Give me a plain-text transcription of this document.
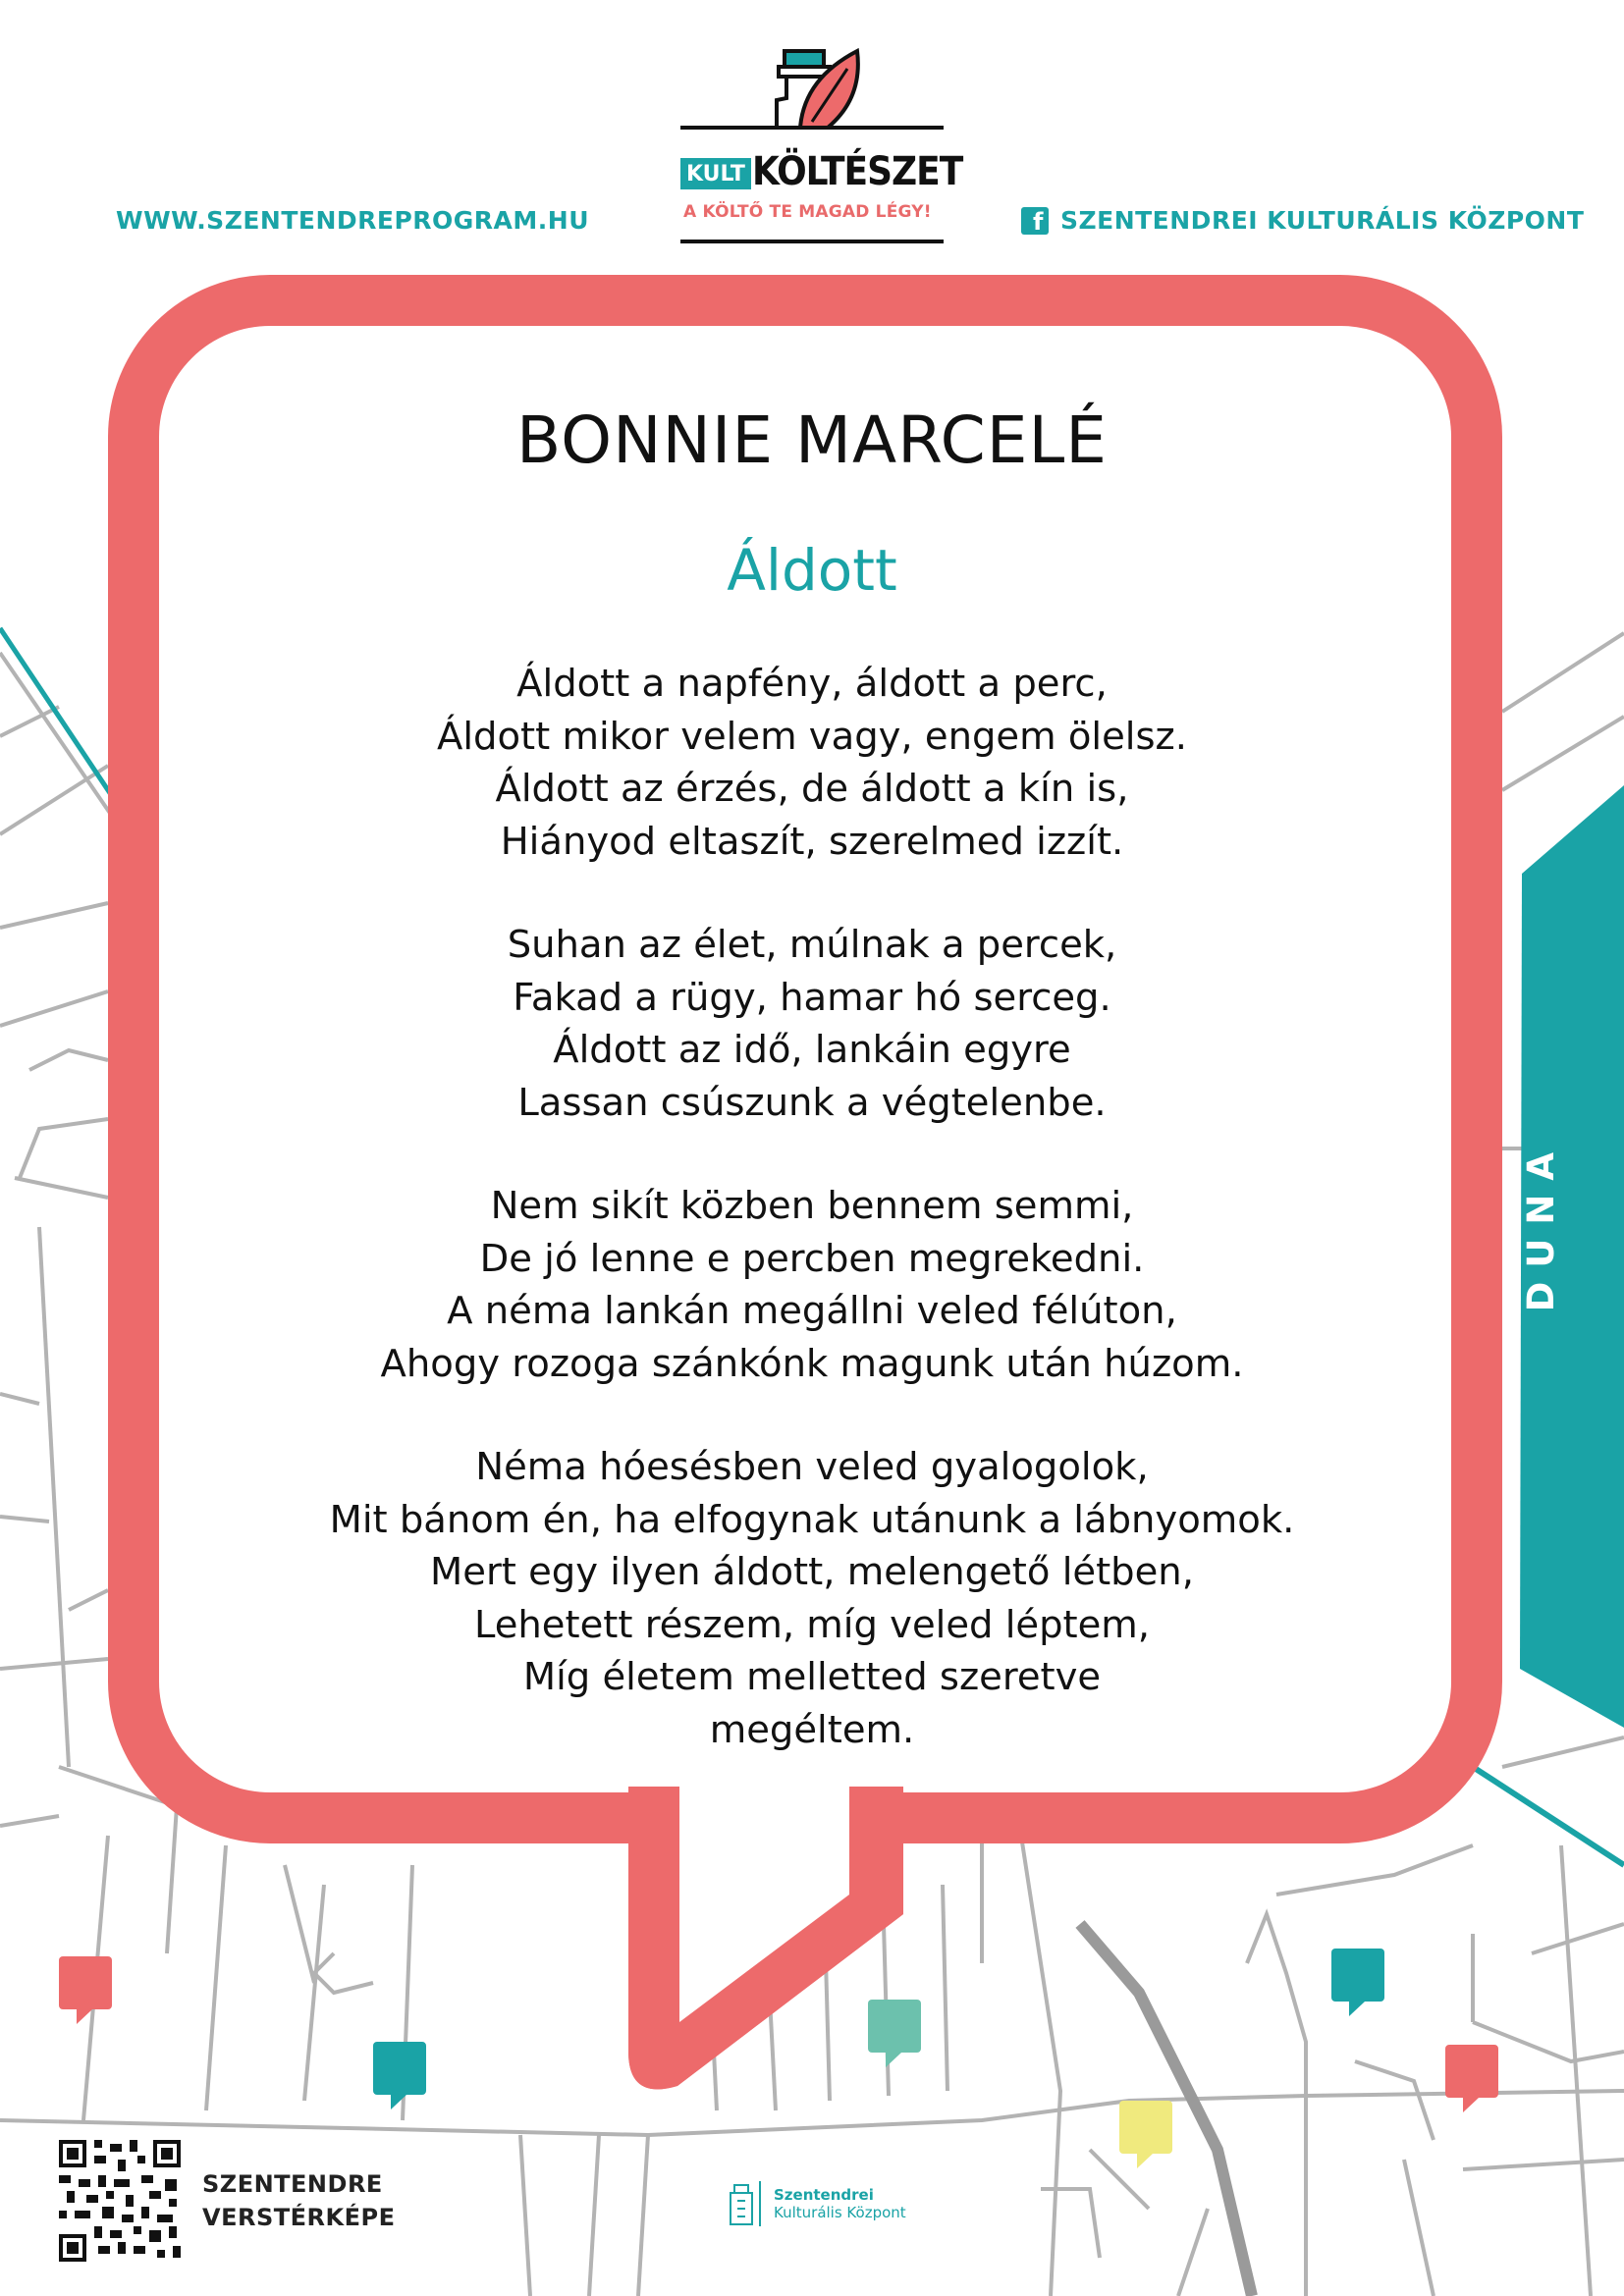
WWW.SZENTENDREPROGRAM.HU	f SZENTENDREI KULTURÁLIS KÖZPONT
KULT KÖLTÉSZET
A KÖLTŐ TE MAGAD LÉGY!
BONNIE MARCELÉ
Áldott
Áldott a napfény, áldott a perc,
Áldott mikor velem vagy, engem ölelsz.
Áldott az érzés, de áldott a kín is,
Hiányod eltaszít, szerelmed izzít.
Suhan az élet, múlnak a percek,
Fakad a rügy, hamar hó serceg.
Áldott az idő, lankáin egyre
Lassan csúszunk a végtelenbe.
Nem sikít közben bennem semmi,
De jó lenne e percben megrekedni.
A néma lankán megállni veled félúton,
Ahogy rozoga szánkónk magunk után húzom.
Néma hóesésben veled gyalogolok,
Mit bánom én, ha elfogynak utánunk a lábnyomok.
Mert egy ilyen áldott, melengető létben,
Lehetett részem, míg veled léptem,
Míg életem melletted szeretve
megéltem.
DUNA
SZENTENDRE
VERSTÉRKÉPE
Szentendrei
Kulturális Központ
